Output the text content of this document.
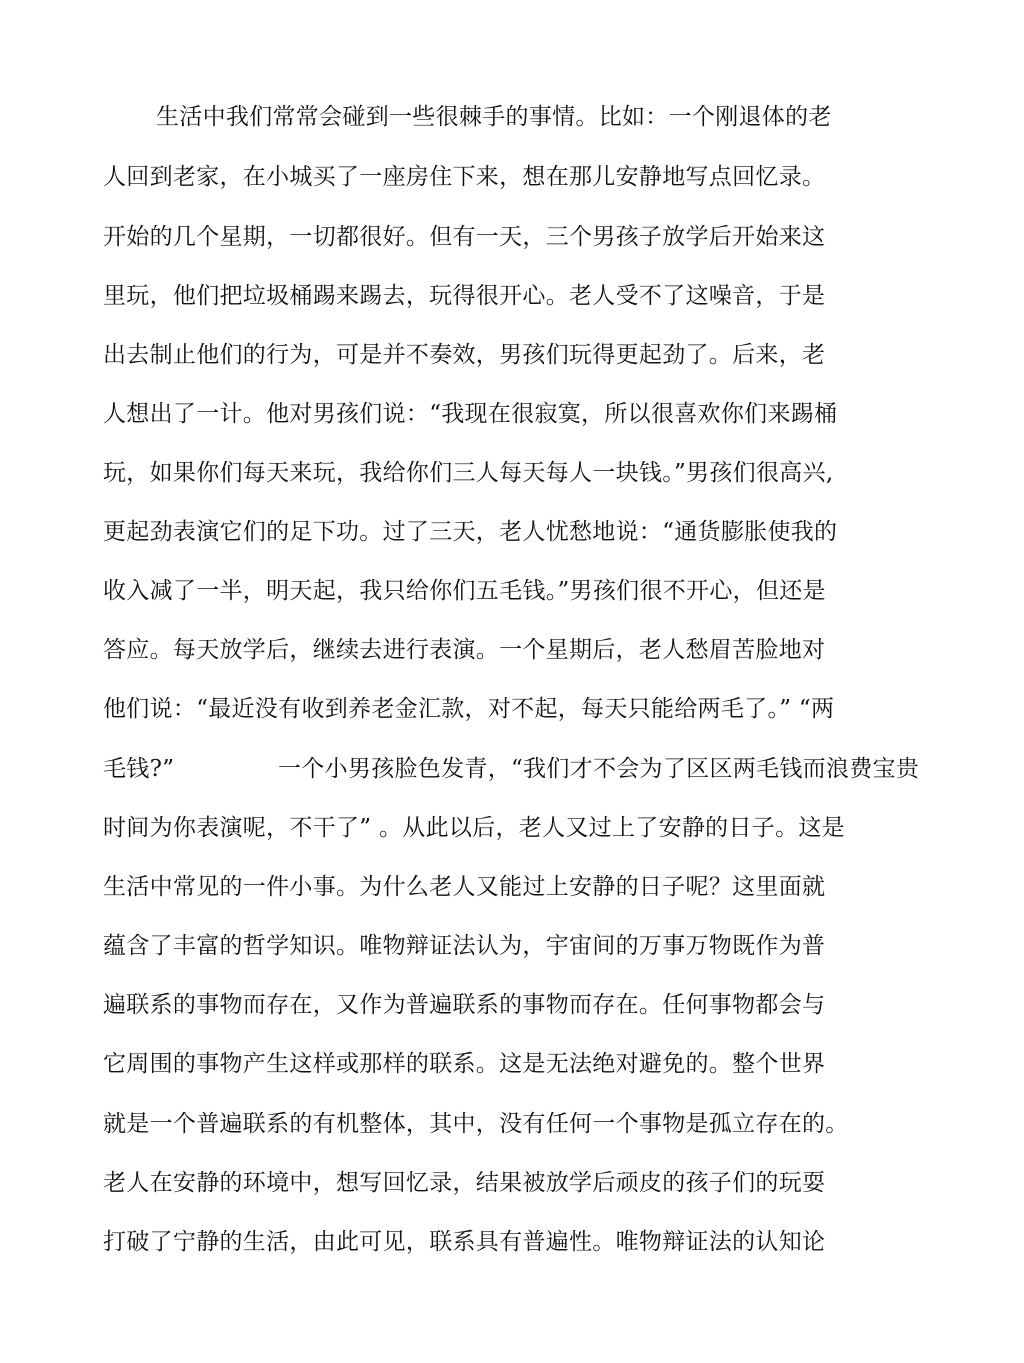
生活中我们常常会碰到一些很棘手的事情。比如：一个刚退体的老
人回到老家，在小城买了一座房住下来，想在那儿安静地写点回忆录。
开始的几个星期，一切都很好。但有一天，三个男孩子放学后开始来这
里玩，他们把垃圾桶踢来踢去，玩得很开心。老人受不了这噪音，于是
出去制止他们的行为，可是并不奏效，男孩们玩得更起劲了。后来，老
人想出了一计。他对男孩们说：“我现在很寂寞，所以很喜欢你们来踢桶
玩，如果你们每天来玩，我给你们三人每天每人一块钱。”男孩们很高兴,
更起劲表演它们的足下功。过了三天，老人忧愁地说：“通货膨胀使我的
收入减了一半，明天起，我只给你们五毛钱。”男孩们很不开心，但还是
答应。每天放学后，继续去进行表演。一个星期后，老人愁眉苦脸地对
他们说：“最近没有收到养老金汇款，对不起，每天只能给两毛了。” “两
毛钱?”	一个小男孩脸色发青，“我们才不会为了区区两毛钱而浪费宝贵
时间为你表演呢，不干了” 。从此以后，老人又过上了安静的日子。这是
生活中常见的一件小事。为什么老人又能过上安静的日子呢？这里面就
蕴含了丰富的哲学知识。唯物辩证法认为，宇宙间的万事万物既作为普
遍联系的事物而存在，又作为普遍联系的事物而存在。任何事物都会与
它周围的事物产生这样或那样的联系。这是无法绝对避免的。整个世界
就是一个普遍联系的有机整体，其中，没有任何一个事物是孤立存在的。
老人在安静的环境中，想写回忆录，结果被放学后顽皮的孩子们的玩耍
打破了宁静的生活，由此可见，联系具有普遍性。唯物辩证法的认知论
